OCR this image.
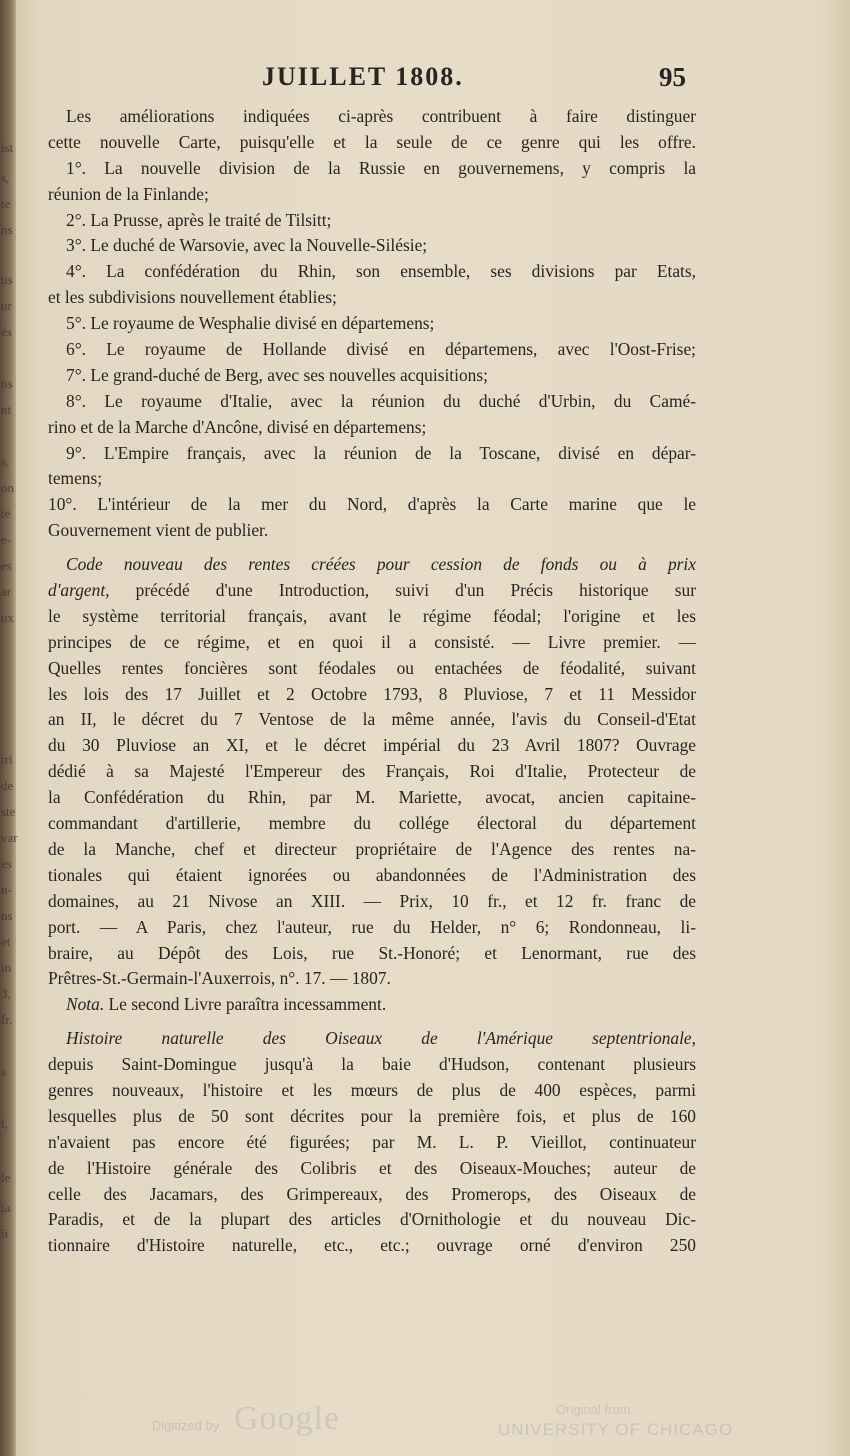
ist
s,
te
ns
us
ur
és
ns
nt
s,
on
té
e-
es
ar
ux
tri
de
ste
var
es
n-
ns
et
in
3,
fr.
s
l,
le
ia
ii
JUILLET 1808.	95
Les améliorations indiquées ci-après contribuent à faire distinguer
cette nouvelle Carte, puisqu'elle et la seule de ce genre qui les offre.
1°. La nouvelle division de la Russie en gouvernemens, y compris la
réunion de la Finlande;
2°. La Prusse, après le traité de Tilsitt;
3°. Le duché de Warsovie, avec la Nouvelle-Silésie;
4°. La confédération du Rhin, son ensemble, ses divisions par Etats,
et les subdivisions nouvellement établies;
5°. Le royaume de Wesphalie divisé en départemens;
6°. Le royaume de Hollande divisé en départemens, avec l'Oost-Frise;
7°. Le grand-duché de Berg, avec ses nouvelles acquisitions;
8°. Le royaume d'Italie, avec la réunion du duché d'Urbin, du Camé-
rino et de la Marche d'Ancône, divisé en départemens;
9°. L'Empire français, avec la réunion de la Toscane, divisé en dépar-
temens;
10°. L'intérieur de la mer du Nord, d'après la Carte marine que le
Gouvernement vient de publier.
Code nouveau des rentes créées pour cession de fonds ou à prix
d'argent, précédé d'une Introduction, suivi d'un Précis historique sur
le système territorial français, avant le régime féodal; l'origine et les
principes de ce régime, et en quoi il a consisté. — Livre premier. —
Quelles rentes foncières sont féodales ou entachées de féodalité, suivant
les lois des 17 Juillet et 2 Octobre 1793, 8 Pluviose, 7 et 11 Messidor
an II, le décret du 7 Ventose de la même année, l'avis du Conseil-d'Etat
du 30 Pluviose an XI, et le décret impérial du 23 Avril 1807? Ouvrage
dédié à sa Majesté l'Empereur des Français, Roi d'Italie, Protecteur de
la Confédération du Rhin, par M. Mariette, avocat, ancien capitaine-
commandant d'artillerie, membre du collége électoral du département
de la Manche, chef et directeur propriétaire de l'Agence des rentes na-
tionales qui étaient ignorées ou abandonnées de l'Administration des
domaines, au 21 Nivose an XIII. — Prix, 10 fr., et 12 fr. franc de
port. — A Paris, chez l'auteur, rue du Helder, n° 6; Rondonneau, li-
braire, au Dépôt des Lois, rue St.-Honoré; et Lenormant, rue des
Prêtres-St.-Germain-l'Auxerrois, n°. 17. — 1807.
Nota. Le second Livre paraîtra incessamment.
Histoire naturelle des Oiseaux de l'Amérique septentrionale,
depuis Saint-Domingue jusqu'à la baie d'Hudson, contenant plusieurs
genres nouveaux, l'histoire et les mœurs de plus de 400 espèces, parmi
lesquelles plus de 50 sont décrites pour la première fois, et plus de 160
n'avaient pas encore été figurées; par M. L. P. Vieillot, continuateur
de l'Histoire générale des Colibris et des Oiseaux-Mouches; auteur de
celle des Jacamars, des Grimpereaux, des Promerops, des Oiseaux de
Paradis, et de la plupart des articles d'Ornithologie et du nouveau Dic-
tionnaire d'Histoire naturelle, etc., etc.; ouvrage orné d'environ 250
Digitized by Google	Original from
UNIVERSITY OF CHICAGO
